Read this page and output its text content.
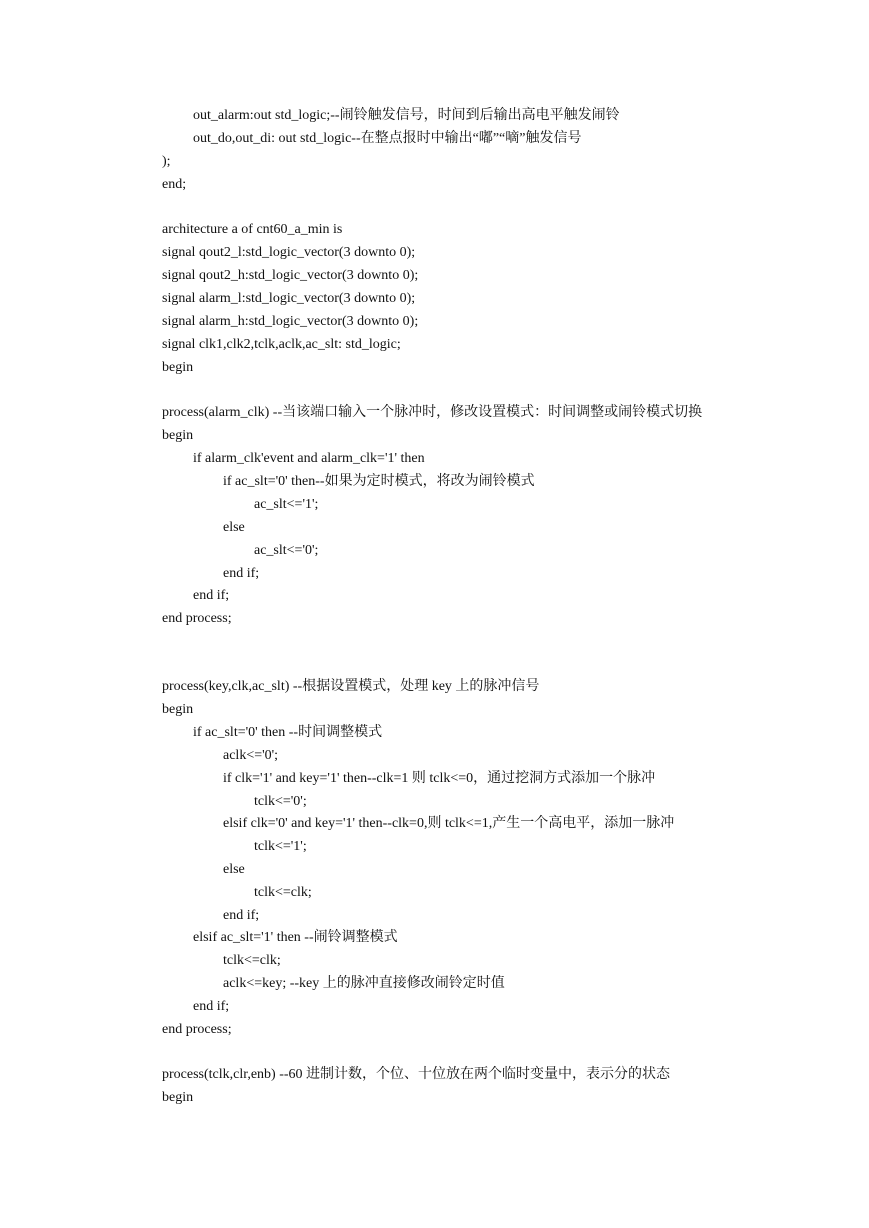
out_alarm:out std_logic;--闹铃触发信号，时间到后输出高电平触发闹铃
out_do,out_di: out std_logic--在整点报时中输出“嘟”“嘀”触发信号
);
end;
architecture a of cnt60_a_min is
signal qout2_l:std_logic_vector(3 downto 0);
signal qout2_h:std_logic_vector(3 downto 0);
signal alarm_l:std_logic_vector(3 downto 0);
signal alarm_h:std_logic_vector(3 downto 0);
signal clk1,clk2,tclk,aclk,ac_slt: std_logic;
begin
process(alarm_clk) --当该端口输入一个脉冲时，修改设置模式：时间调整或闹铃模式切换
begin
if alarm_clk'event and alarm_clk='1' then
if ac_slt='0' then--如果为定时模式，将改为闹铃模式
ac_slt<='1';
else
ac_slt<='0';
end if;
end if;
end process;
process(key,clk,ac_slt) --根据设置模式，处理 key 上的脉冲信号
begin
if ac_slt='0' then --时间调整模式
aclk<='0';
if clk='1' and key='1' then--clk=1 则 tclk<=0，通过挖洞方式添加一个脉冲
tclk<='0';
elsif clk='0' and key='1' then--clk=0,则 tclk<=1,产生一个高电平，添加一脉冲
tclk<='1';
else
tclk<=clk;
end if;
elsif ac_slt='1' then --闹铃调整模式
tclk<=clk;
aclk<=key; --key 上的脉冲直接修改闹铃定时值
end if;
end process;
process(tclk,clr,enb) --60 进制计数，个位、十位放在两个临时变量中，表示分的状态
begin
